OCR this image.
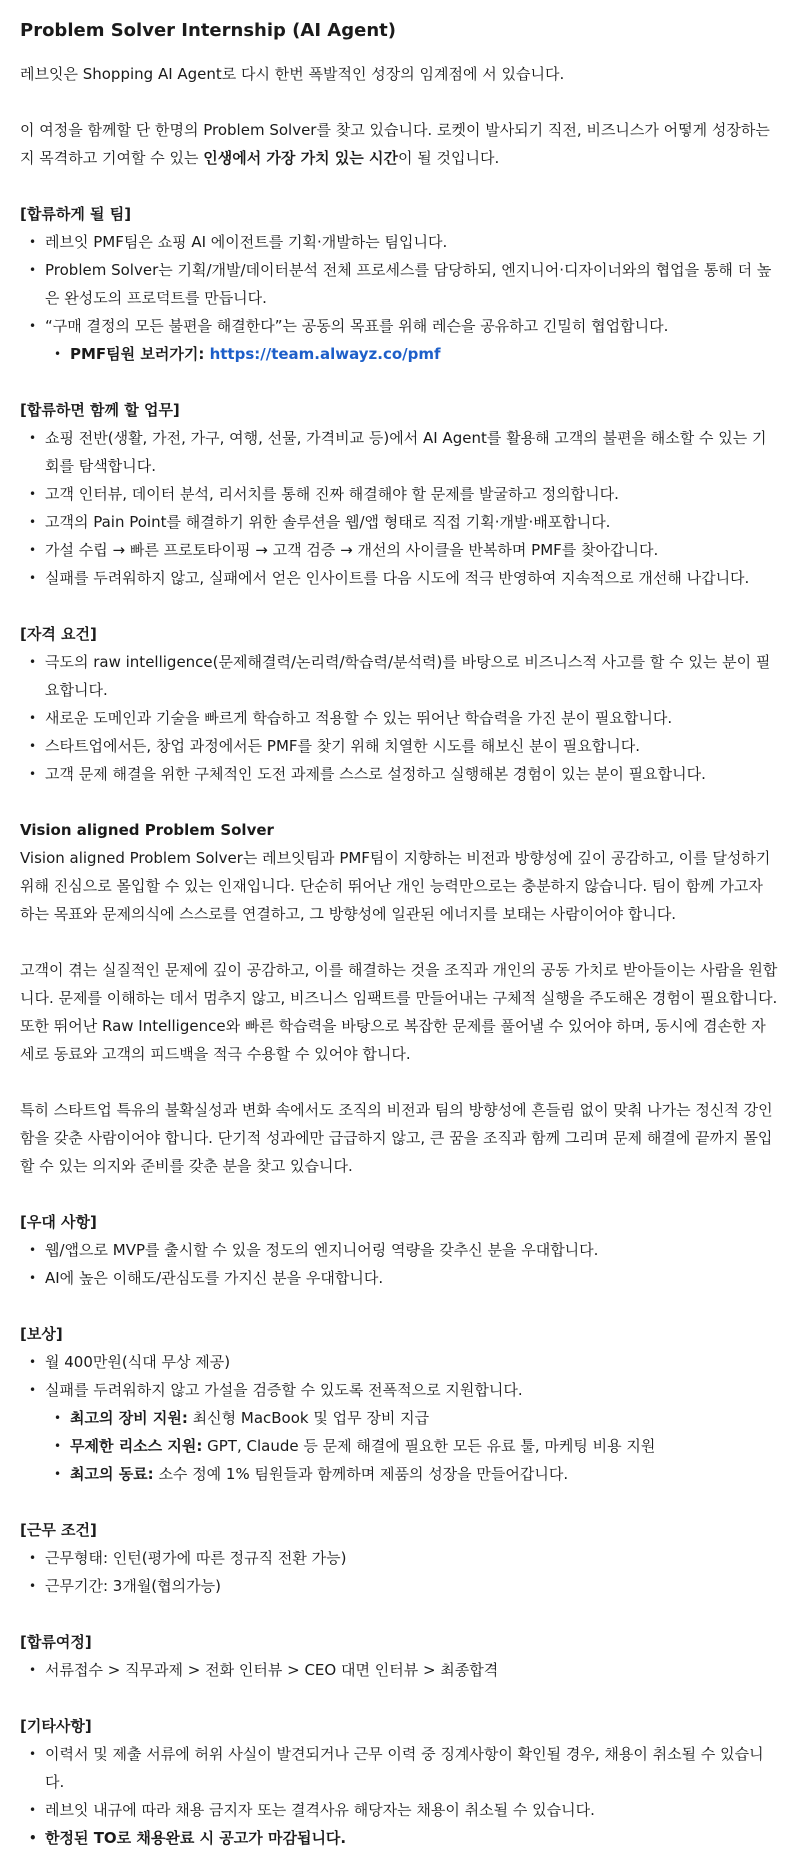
Problem Solver Internship (AI Agent)

레브잇은 Shopping AI Agent로 다시 한번 폭발적인 성장의 임계점에 서 있습니다.

이 여정을 함께할 단 한명의 Problem Solver를 찾고 있습니다. 로켓이 발사되기 직전, 비즈니스가 어떻게 성장하는지 목격하고 기여할 수 있는 인생에서 가장 가치 있는 시간이 될 것입니다.

[합류하게 될 팀]

• 레브잇 PMF팀은 쇼핑 AI 에이전트를 기획·개발하는 팀입니다.
• Problem Solver는 기획/개발/데이터분석 전체 프로세스를 담당하되, 엔지니어·디자이너와의 협업을 통해 더 높은 완성도의 프로덕트를 만듭니다.
• “구매 결정의 모든 불편을 해결한다”는 공동의 목표를 위해 레슨을 공유하고 긴밀히 협업합니다.
• PMF팀원 보러가기: https://team.alwayz.co/pmf

[합류하면 함께 할 업무]

• 쇼핑 전반(생활, 가전, 가구, 여행, 선물, 가격비교 등)에서 AI Agent를 활용해 고객의 불편을 해소할 수 있는 기회를 탐색합니다.
• 고객 인터뷰, 데이터 분석, 리서치를 통해 진짜 해결해야 할 문제를 발굴하고 정의합니다.
• 고객의 Pain Point를 해결하기 위한 솔루션을 웹/앱 형태로 직접 기획·개발·배포합니다.
• 가설 수립 → 빠른 프로토타이핑 → 고객 검증 → 개선의 사이클을 반복하며 PMF를 찾아갑니다.
• 실패를 두려워하지 않고, 실패에서 얻은 인사이트를 다음 시도에 적극 반영하여 지속적으로 개선해 나갑니다.

[자격 요건]

• 극도의 raw intelligence(문제해결력/논리력/학습력/분석력)를 바탕으로 비즈니스적 사고를 할 수 있는 분이 필요합니다.
• 새로운 도메인과 기술을 빠르게 학습하고 적용할 수 있는 뛰어난 학습력을 가진 분이 필요합니다.
• 스타트업에서든, 창업 과정에서든 PMF를 찾기 위해 치열한 시도를 해보신 분이 필요합니다.
• 고객 문제 해결을 위한 구체적인 도전 과제를 스스로 설정하고 실행해본 경험이 있는 분이 필요합니다.

Vision aligned Problem Solver

Vision aligned Problem Solver는 레브잇팀과 PMF팀이 지향하는 비전과 방향성에 깊이 공감하고, 이를 달성하기 위해 진심으로 몰입할 수 있는 인재입니다. 단순히 뛰어난 개인 능력만으로는 충분하지 않습니다. 팀이 함께 가고자 하는 목표와 문제의식에 스스로를 연결하고, 그 방향성에 일관된 에너지를 보태는 사람이어야 합니다.

고객이 겪는 실질적인 문제에 깊이 공감하고, 이를 해결하는 것을 조직과 개인의 공동 가치로 받아들이는 사람을 원합니다. 문제를 이해하는 데서 멈추지 않고, 비즈니스 임팩트를 만들어내는 구체적 실행을 주도해온 경험이 필요합니다. 또한 뛰어난 Raw Intelligence와 빠른 학습력을 바탕으로 복잡한 문제를 풀어낼 수 있어야 하며, 동시에 겸손한 자세로 동료와 고객의 피드백을 적극 수용할 수 있어야 합니다.

특히 스타트업 특유의 불확실성과 변화 속에서도 조직의 비전과 팀의 방향성에 흔들림 없이 맞춰 나가는 정신적 강인함을 갖춘 사람이어야 합니다. 단기적 성과에만 급급하지 않고, 큰 꿈을 조직과 함께 그리며 문제 해결에 끝까지 몰입할 수 있는 의지와 준비를 갖춘 분을 찾고 있습니다.

[우대 사항]

• 웹/앱으로 MVP를 출시할 수 있을 정도의 엔지니어링 역량을 갖추신 분을 우대합니다.
• AI에 높은 이해도/관심도를 가지신 분을 우대합니다.

[보상]

• 월 400만원(식대 무상 제공)
• 실패를 두려워하지 않고 가설을 검증할 수 있도록 전폭적으로 지원합니다.
• 최고의 장비 지원: 최신형 MacBook 및 업무 장비 지급
• 무제한 리소스 지원: GPT, Claude 등 문제 해결에 필요한 모든 유료 툴, 마케팅 비용 지원
• 최고의 동료: 소수 정예 1% 팀원들과 함께하며 제품의 성장을 만들어갑니다.

[근무 조건]

• 근무형태: 인턴(평가에 따른 정규직 전환 가능)
• 근무기간: 3개월(협의가능)

[합류여정]

• 서류접수 > 직무과제 > 전화 인터뷰 > CEO 대면 인터뷰 > 최종합격

[기타사항]

• 이력서 및 제출 서류에 허위 사실이 발견되거나 근무 이력 중 징계사항이 확인될 경우, 채용이 취소될 수 있습니다.
• 레브잇 내규에 따라 채용 금지자 또는 결격사유 해당자는 채용이 취소될 수 있습니다.
• 한정된 TO로 채용완료 시 공고가 마감됩니다.
